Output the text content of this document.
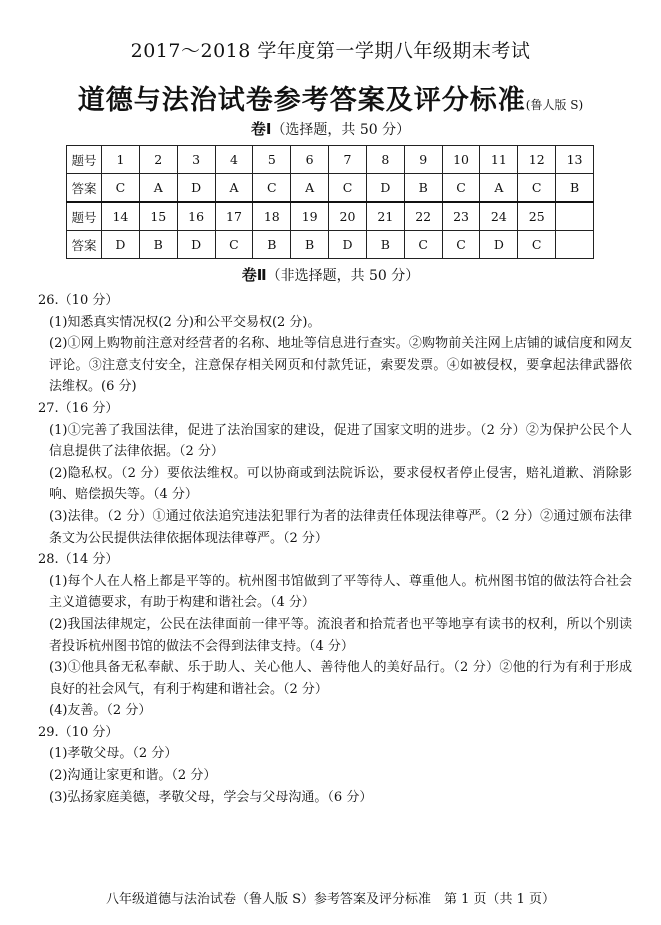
2017～2018 学年度第一学期八年级期末考试
道德与法治试卷参考答案及评分标准(鲁人版 S)
卷Ⅰ（选择题，共 50 分）
题号	1	2	3	4	5	6	7	8	9	10	11	12	13
答案	C	A	D	A	C	A	C	D	B	C	A	C	B
题号	14	15	16	17	18	19	20	21	22	23	24	25	
答案	D	B	D	C	B	B	D	B	C	C	D	C	
卷Ⅱ（非选择题，共 50 分）

26.（10 分）

(1)知悉真实情况权(2 分)和公平交易权(2 分)。

(2)①网上购物前注意对经营者的名称、地址等信息进行查实。②购物前关注网上店铺的诚信度和网友评论。③注意支付安全，注意保存相关网页和付款凭证，索要发票。④如被侵权，要拿起法律武器依法维权。(6 分)

27.（16 分）

(1)①完善了我国法律，促进了法治国家的建设，促进了国家文明的进步。（2 分）②为保护公民个人信息提供了法律依据。（2 分）

(2)隐私权。（2 分）要依法维权。可以协商或到法院诉讼，要求侵权者停止侵害，赔礼道歉、消除影响、赔偿损失等。（4 分）

(3)法律。（2 分）①通过依法追究违法犯罪行为者的法律责任体现法律尊严。（2 分）②通过颁布法律条文为公民提供法律依据体现法律尊严。（2 分）

28.（14 分）

(1)每个人在人格上都是平等的。杭州图书馆做到了平等待人、尊重他人。杭州图书馆的做法符合社会主义道德要求，有助于构建和谐社会。（4 分）

(2)我国法律规定，公民在法律面前一律平等。流浪者和拾荒者也平等地享有读书的权利，所以个别读者投诉杭州图书馆的做法不会得到法律支持。（4 分）

(3)①他具备无私奉献、乐于助人、关心他人、善待他人的美好品行。（2 分）②他的行为有利于形成良好的社会风气，有利于构建和谐社会。（2 分）

(4)友善。（2 分）

29.（10 分）

(1)孝敬父母。（2 分）

(2)沟通让家更和谐。（2 分）

(3)弘扬家庭美德，孝敬父母，学会与父母沟通。（6 分）

八年级道德与法治试卷（鲁人版 S）参考答案及评分标准　第 1 页（共 1 页）
